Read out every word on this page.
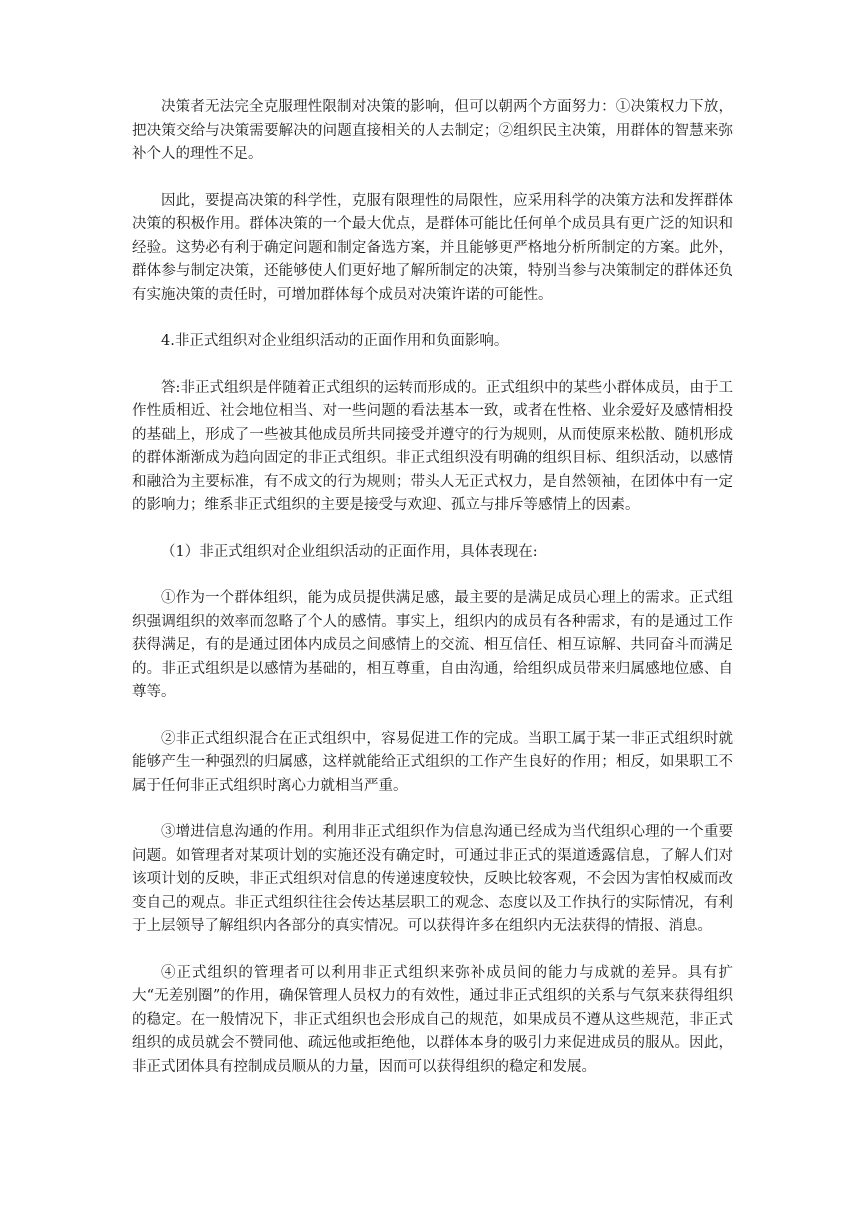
决策者无法完全克服理性限制对决策的影响，但可以朝两个方面努力：①决策权力下放，把决策交给与决策需要解决的问题直接相关的人去制定；②组织民主决策，用群体的智慧来弥补个人的理性不足。

因此，要提高决策的科学性，克服有限理性的局限性，应采用科学的决策方法和发挥群体决策的积极作用。群体决策的一个最大优点，是群体可能比任何单个成员具有更广泛的知识和经验。这势必有利于确定问题和制定备选方案，并且能够更严格地分析所制定的方案。此外，群体参与制定决策，还能够使人们更好地了解所制定的决策，特别当参与决策制定的群体还负有实施决策的责任时，可增加群体每个成员对决策许诺的可能性。

4.非正式组织对企业组织活动的正面作用和负面影响。

答:非正式组织是伴随着正式组织的运转而形成的。正式组织中的某些小群体成员，由于工作性质相近、社会地位相当、对一些问题的看法基本一致，或者在性格、业余爱好及感情相投的基础上，形成了一些被其他成员所共同接受并遵守的行为规则，从而使原来松散、随机形成的群体渐渐成为趋向固定的非正式组织。非正式组织没有明确的组织目标、组织活动，以感情和融洽为主要标准，有不成文的行为规则；带头人无正式权力，是自然领袖，在团体中有一定的影响力；维系非正式组织的主要是接受与欢迎、孤立与排斥等感情上的因素。

（1）非正式组织对企业组织活动的正面作用，具体表现在:

①作为一个群体组织，能为成员提供满足感，最主要的是满足成员心理上的需求。正式组织强调组织的效率而忽略了个人的感情。事实上，组织内的成员有各种需求，有的是通过工作获得满足，有的是通过团体内成员之间感情上的交流、相互信任、相互谅解、共同奋斗而满足的。非正式组织是以感情为基础的，相互尊重，自由沟通，给组织成员带来归属感地位感、自尊等。

②非正式组织混合在正式组织中，容易促进工作的完成。当职工属于某一非正式组织时就能够产生一种强烈的归属感，这样就能给正式组织的工作产生良好的作用；相反，如果职工不属于任何非正式组织时离心力就相当严重。

③增进信息沟通的作用。利用非正式组织作为信息沟通已经成为当代组织心理的一个重要问题。如管理者对某项计划的实施还没有确定时，可通过非正式的渠道透露信息，了解人们对该项计划的反映，非正式组织对信息的传递速度较快，反映比较客观，不会因为害怕权威而改变自己的观点。非正式组织往往会传达基层职工的观念、态度以及工作执行的实际情况，有利于上层领导了解组织内各部分的真实情况。可以获得许多在组织内无法获得的情报、消息。

④正式组织的管理者可以利用非正式组织来弥补成员间的能力与成就的差异。具有扩大“无差别圈”的作用，确保管理人员权力的有效性，通过非正式组织的关系与气氛来获得组织的稳定。在一般情况下，非正式组织也会形成自己的规范，如果成员不遵从这些规范，非正式组织的成员就会不赞同他、疏远他或拒绝他，以群体本身的吸引力来促进成员的服从。因此，非正式团体具有控制成员顺从的力量，因而可以获得组织的稳定和发展。
